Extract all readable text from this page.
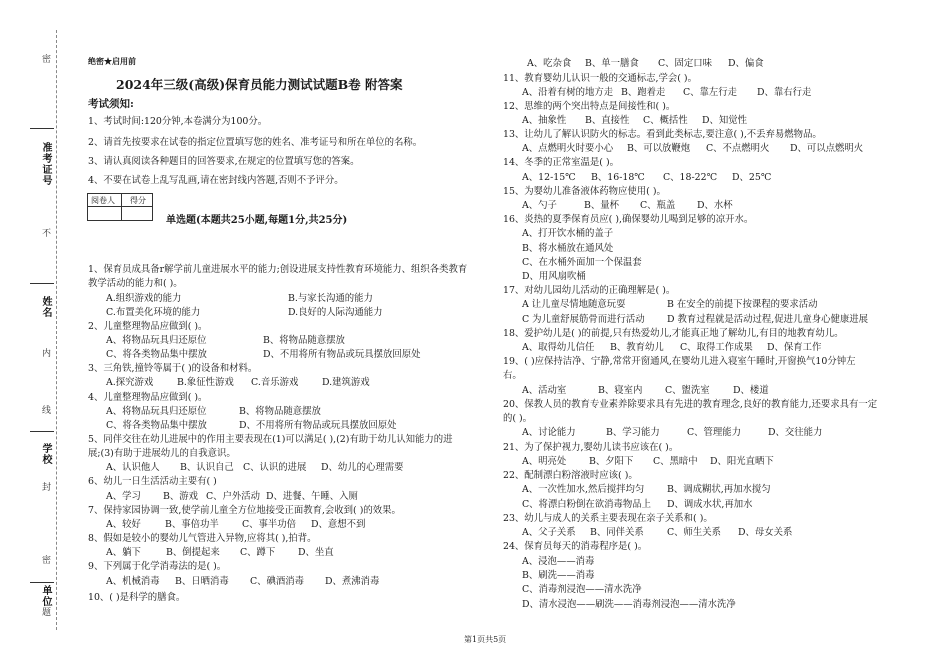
密
准考证号
不
姓名
内
线
学校
封
密
单位
题
绝密★启用前
2024年三级(高级)保育员能力测试试题B卷 附答案
考试须知:
1、考试时间:120分钟,本卷满分为100分。
2、请首先按要求在试卷的指定位置填写您的姓名、准考证号和所在单位的名称。
3、请认真阅读各种题目的回答要求,在规定的位置填写您的答案。
4、不要在试卷上乱写乱画,请在密封线内答题,否则不予评分。
阅卷人 得分
单选题(本题共25小题,每题1分,共25分)
1、保育员成具备r解学前儿童进展水平的能力;创设进展支持性教育环境能力、组织各类教育
教学活动的能力和( )。
A.组织游戏的能力	B.与家长沟通的能力
C.布置美化环境的能力	D.良好的人际沟通能力
2、儿童整理物品应做到( )。
A、将物品玩具归还原位	B、将物品随意摆放
C、将各类物品集中摆放	D、不用将所有物品或玩具摆放回原处
3、三角铁,撞铃等属于( )的设备和材料。
A.探究游戏	B.象征性游戏 C.音乐游戏	D.建筑游戏
4、儿童整理物品应做到( )。
A、将物品玩具归还原位	B、将物品随意摆放
C、将各类物品集中摆放	D、不用将所有物品或玩具摆放回原处
5、同伴交往在幼儿进展中的作用主要表现在(1)可以满足( ),(2)有助于幼儿认知能力的进
展;(3)有助于进展幼儿的自我意识。
A、认识他人 B、认识自己 C、认识的进展 D、幼儿的心理需要
6、幼儿一日生活活动主要有( )
A、学习 B、游戏 C、户外活动 D、进餐、午睡、入厕
7、保持家园协调一致,使学前儿童全方位地接受正面教育,会收到( )的效果。
A、较好	B、事倍功半 C、事半功倍 D、意想不到
8、假如是较小的婴幼儿气管进入异物,应将其( ),拍背。
A、躺下	B、倒提起来 C、蹲下 D、坐直
9、下列属于化学消毒法的是( )。
A、机械消毒 B、日晒消毒 C、碘酒消毒 D、煮沸消毒
10、( )是科学的膳食。
A、吃杂食 B、单一膳食 C、固定口味 D、偏食
11、教育婴幼儿认识一般的交通标志,学会( )。
A、沿着有树的地方走 B、跑着走 C、靠左行走 D、靠右行走
12、思维的两个突出特点是间接性和( )。
A、抽象性 B、直接性 C、概括性 D、知觉性
13、让幼儿了解认识防火的标志。看到此类标志,要注意( ),不丢弃易燃物品。
A、点燃明火时要小心 B、可以放鞭炮 C、不点燃明火 D、可以点燃明火
14、冬季的正常室温是( )。
A、12-15℃ B、16-18℃ C、18-22℃ D、25℃
15、为婴幼儿准备液体药物应使用( )。
A、勺子	B、量杯 C、瓶盖 D、水杯
16、炎热的夏季保育员应( ),确保婴幼儿喝到足够的凉开水。
A、打开饮水桶的盖子
B、将水桶放在通风处
C、在水桶外面加一个保温套
D、用风扇吹桶
17、对幼儿园幼儿活动的正确理解是( )。
A 让儿童尽情地随意玩耍	B 在安全的前提下按课程的要求活动
C 为儿童舒展筋骨而进行活动 D 教育过程就是活动过程,促进儿童身心健康进展
18、爱护幼儿是( )的前提,只有热爱幼儿,才能真正地了解幼儿,有目的地教育幼儿。
A、取得幼儿信任 B、教育幼儿 C、取得工作成果 D、保育工作
19、( )应保持洁净、宁静,常常开窗通风,在婴幼儿进入寝室午睡时,开窗换气10分钟左
右。
A、活动室	B、寝室内 C、盥洗室 D、楼道
20、保教人员的教育专业素养除要求具有先进的教育理念,良好的教育能力,还要求具有一定
的( )。
A、讨论能力	B、学习能力	C、管理能力	D、交往能力
21、为了保护视力,婴幼儿读书应该在( )。
A、明亮处 B、夕阳下 C、黑暗中 D、阳光直晒下
22、配制漂白粉溶液时应该( )。
A、一次性加水,然后搅拌均匀 B、调成糊状,再加水搅匀
C、将漂白粉倒在欲消毒物品上 D、调成水状,再加水
23、幼儿与成人的关系主要表现在亲子关系和( )。
A、父子关系 B、同伴关系 C、师生关系 D、母女关系
24、保育员每天的消毒程序是( )。
A、浸泡——消毒
B、刷洗——消毒
C、消毒剂浸泡——清水洗净
D、清水浸泡——刷洗——消毒剂浸泡——清水洗净
第1页共5页
